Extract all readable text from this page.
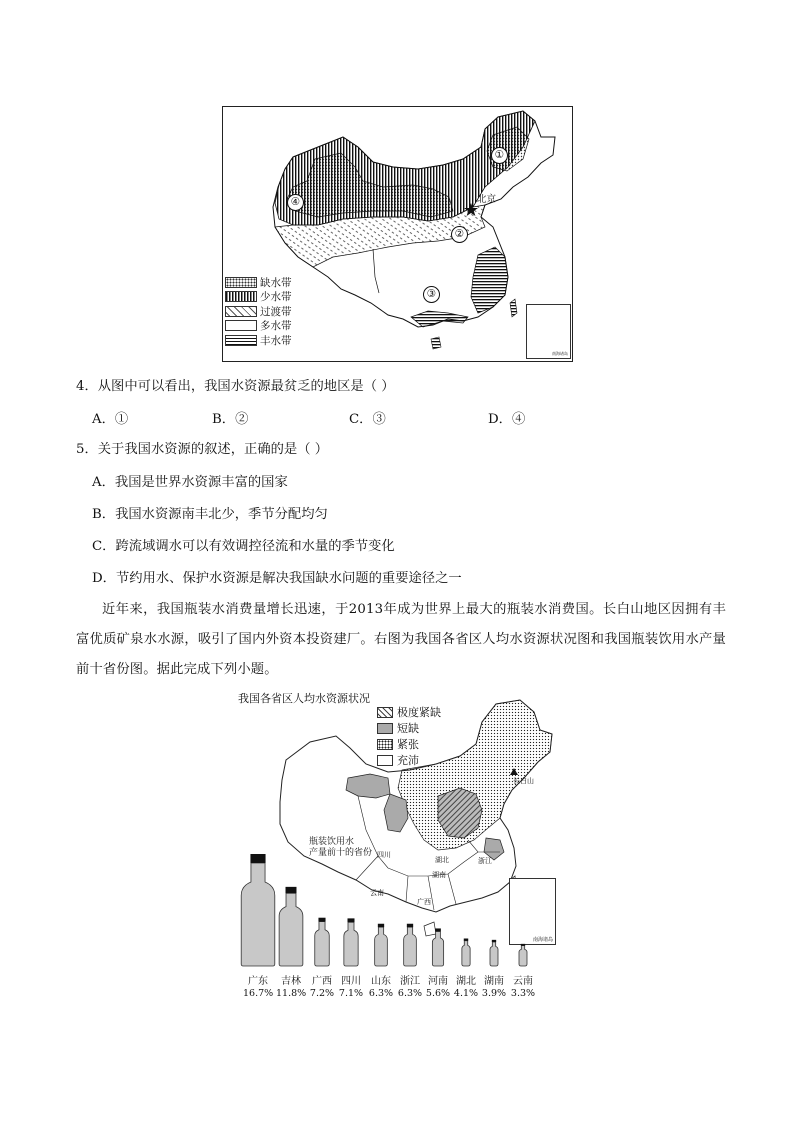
北京
①
②
③
④
南海诸岛
缺水带
少水带
过渡带
多水带
丰水带
4．从图中可以看出，我国水资源最贫乏的地区是（ ）
A．①	B．②	C．③	D．④
5．关于我国水资源的叙述，正确的是（ ）
A．我国是世界水资源丰富的国家
B．我国水资源南丰北少，季节分配均匀
C．跨流域调水可以有效调控径流和水量的季节变化
D．节约用水、保护水资源是解决我国缺水问题的重要途径之一
近年来，我国瓶装水消费量增长迅速，于2013年成为世界上最大的瓶装水消费国。长白山地区因拥有丰富优质矿泉水水源，吸引了国内外资本投资建厂。右图为我国各省区人均水资源状况图和我国瓶装饮用水产量前十省份图。据此完成下列小题。
我国各省区人均水资源状况
极度紧缺
短缺
紧张
充沛
长白山
四川
湖北	浙江
湖南
云南
广西
瓶装饮用水
产量前十的省份
南海诸岛
广东
16.7%
吉林
11.8%
广西
7.2%
四川
7.1%
山东
6.3%
浙江
6.3%
河南
5.6%
湖北
4.1%
湖南
3.9%
云南
3.3%
